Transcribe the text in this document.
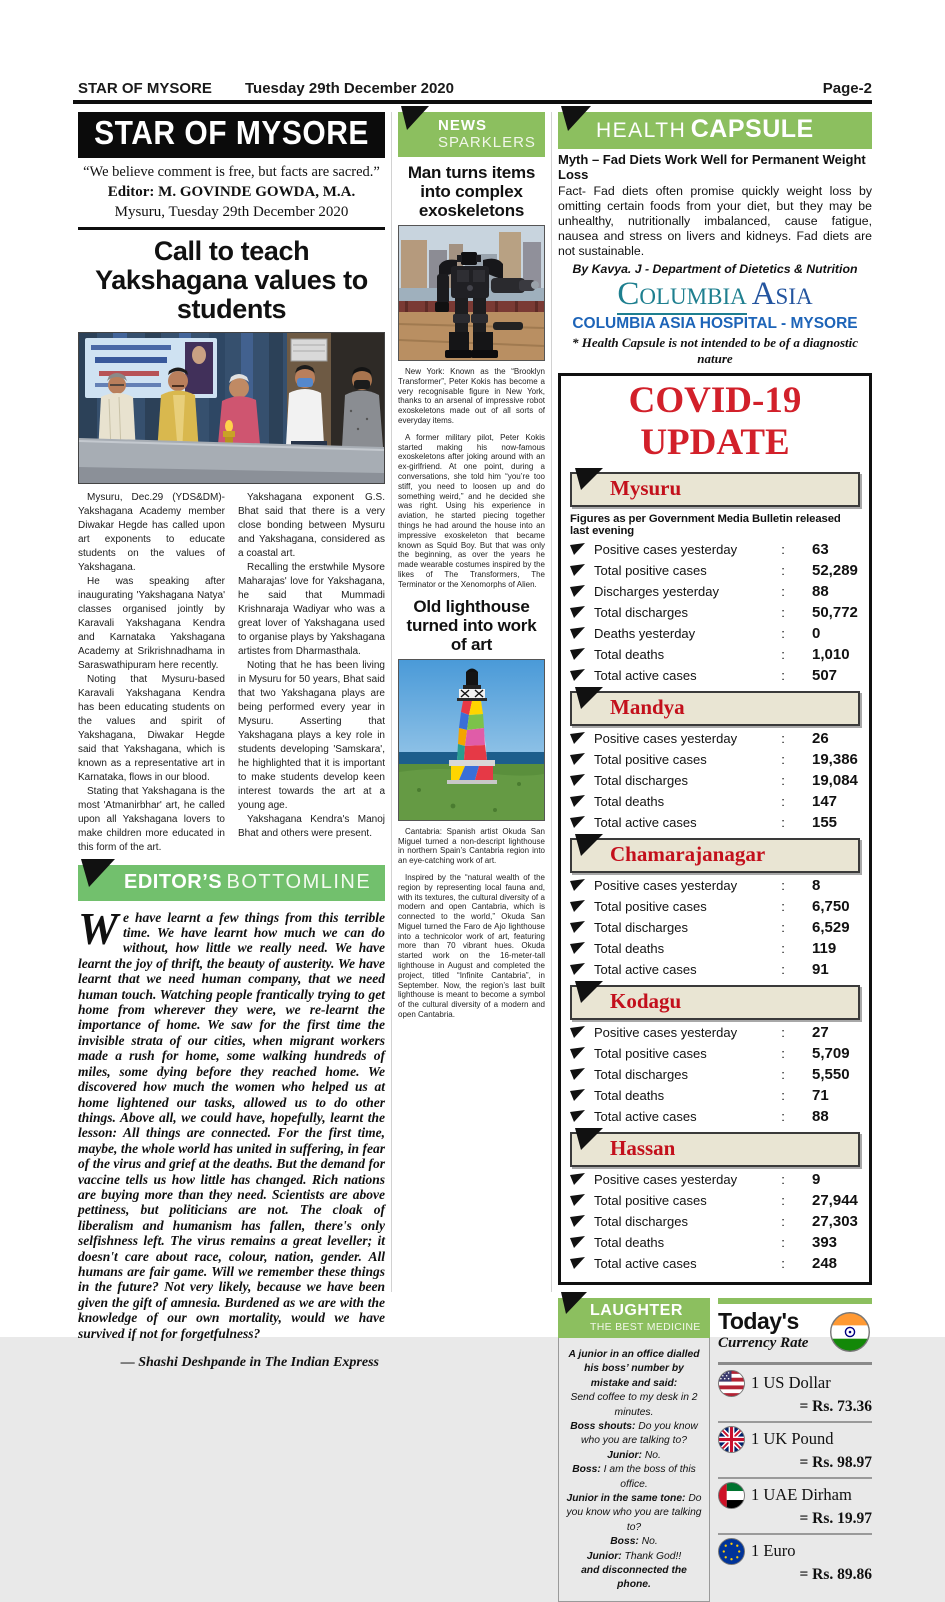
STAR OF MYSORE	Tuesday 29th December 2020	Page-2
STAR OF MYSORE
“We believe comment is free, but facts are sacred.”
Editor: M. GOVINDE GOWDA, M.A.
Mysuru, Tuesday 29th December 2020
Call to teach Yakshagana values to students

Mysuru, Dec.29 (YDS&DM)- Yakshagana Academy member Diwakar Hegde has called upon art exponents to educate students on the values of Yakshagana.

He was speaking after inaugurating 'Yakshagana Natya' classes organised jointly by Karavali Yakshagana Kendra and Karnataka Yakshagana Academy at Srikrishnadhama in Saraswathipuram here recently.

Noting that Mysuru-based Karavali Yakshagana Kendra has been educating students on the values and spirit of Yakshagana, Diwakar Hegde said that Yakshagana, which is known as a representative art in Karnataka, flows in our blood.

Stating that Yakshagana is the most 'Atmanirbhar' art, he called upon all Yakshagana lovers to make children more educated in this form of the art.

Yakshagana exponent G.S. Bhat said that there is a very close bonding between Mysuru and Yakshagana, considered as a coastal art.

Recalling the erstwhile Mysore Maharajas' love for Yakshagana, he said that Mummadi Krishnaraja Wadiyar who was a great lover of Yakshagana used to organise plays by Yakshagana artistes from Dharmasthala.

Noting that he has been living in Mysuru for 50 years, Bhat said that two Yakshagana plays are being performed every year in Mysuru. Asserting that Yakshagana plays a key role in students developing 'Samskara', he highlighted that it is important to make students develop keen interest towards the art at a young age.

Yakshagana Kendra's Manoj Bhat and others were present.

EDITOR’S BOTTOMLINE

We have learnt a few things from this terrible time. We have learnt how much we can do without, how little we really need. We have learnt the joy of thrift, the beauty of austerity. We have learnt that we need human company, that we need human touch. Watching people frantically trying to get home from wherever they were, we re-learnt the importance of home. We saw for the first time the invisible strata of our cities, when migrant workers made a rush for home, some walking hundreds of miles, some dying before they reached home. We discovered how much the women who helped us at home lightened our tasks, allowed us to do other things. Above all, we could have, hopefully, learnt the lesson: All things are connected. For the first time, maybe, the whole world has united in suffering, in fear of the virus and grief at the deaths. But the demand for vaccine tells us how little has changed. Rich nations are buying more than they need. Scientists are above pettiness, but politicians are not. The cloak of liberalism and humanism has fallen, there's only selfishness left. The virus remains a great leveller; it doesn't care about race, colour, nation, gender. All humans are fair game. Will we remember these things in the future? Not very likely, because we have been given the gift of amnesia. Burdened as we are with the knowledge of our own mortality, would we have survived if not for forgetfulness?

— Shashi Deshpande in The Indian Express
NEWS
SPARKLERS
Man turns items into complex exoskeletons

New York: Known as the “Brooklyn Transformer”, Peter Kokis has become a very recognisable figure in New York, thanks to an arsenal of impressive robot exoskeletons made out of all sorts of everyday items.

A former military pilot, Peter Kokis started making his now-famous exoskeletons after joking around with an ex-girlfriend. At one point, during a conversations, she told him “you’re too stiff, you need to loosen up and do something weird,” and he decided she was right. Using his experience in aviation, he started piecing together things he had around the house into an impressive exoskeleton that became known as Squid Boy. But that was only the beginning, as over the years he made wearable costumes inspired by the likes of The Transformers, The Terminator or the Xenomorphs of Alien.

Old lighthouse turned into work of art

Cantabria: Spanish artist Okuda San Miguel turned a non-descript lighthouse in northern Spain’s Cantabria region into an eye-catching work of art.

Inspired by the “natural wealth of the region by representing local fauna and, with its textures, the cultural diversity of a modern and open Cantabria, which is connected to the world,” Okuda San Miguel turned the Faro de Ajo lighthouse into a technicolor work of art, featuring more than 70 vibrant hues. Okuda started work on the 16-meter-tall lighthouse in August and completed the project, titled “Infinite Cantabria”, in September. Now, the region’s last built lighthouse is meant to become a symbol of the cultural diversity of a modern and open Cantabria.

HEALTH CAPSULE
Myth – Fad Diets Work Well for Permanent Weight Loss
Fact- Fad diets often promise quickly weight loss by omitting certain foods from your diet, but they may be unhealthy, nutritionally imbalanced, cause fatigue, nausea and stress on livers and kidneys. Fad diets are not sustainable.
By Kavya. J - Department of Dietetics & Nutrition
Columbia Asia
COLUMBIA ASIA HOSPITAL - MYSORE
* Health Capsule is not intended to be of a diagnostic nature
COVID-19 UPDATE
Mysuru
Figures as per Government Media Bulletin released last evening
Positive cases yesterday	:	63
Total positive cases	:	52,289
Discharges yesterday	:	88
Total discharges	:	50,772
Deaths yesterday	:	0
Total deaths	:	1,010
Total active cases	:	507
Mandya
Positive cases yesterday	:	26
Total positive cases	:	19,386
Total discharges	:	19,084
Total deaths	:	147
Total active cases	:	155
Chamarajanagar
Positive cases yesterday	:	8
Total positive cases	:	6,750
Total discharges	:	6,529
Total deaths	:	119
Total active cases	:	91
Kodagu
Positive cases yesterday	:	27
Total positive cases	:	5,709
Total discharges	:	5,550
Total deaths	:	71
Total active cases	:	88
Hassan
Positive cases yesterday	:	9
Total positive cases	:	27,944
Total discharges	:	27,303
Total deaths	:	393
Total active cases	:	248
LAUGHTER
THE BEST MEDICINE
A junior in an office dialled his boss’ number by mistake and said:
Send coffee to my desk in 2 minutes.
Boss shouts: Do you know who you are talking to?
Junior: No.
Boss: I am the boss of this office.
Junior in the same tone: Do you know who you are talking to?
Boss: No.
Junior: Thank God!!
and disconnected the phone.
Today's
Currency Rate
1 US Dollar
= Rs. 73.36
1 UK Pound
= Rs. 98.97
1 UAE Dirham
= Rs. 19.97
1 Euro
= Rs. 89.86
